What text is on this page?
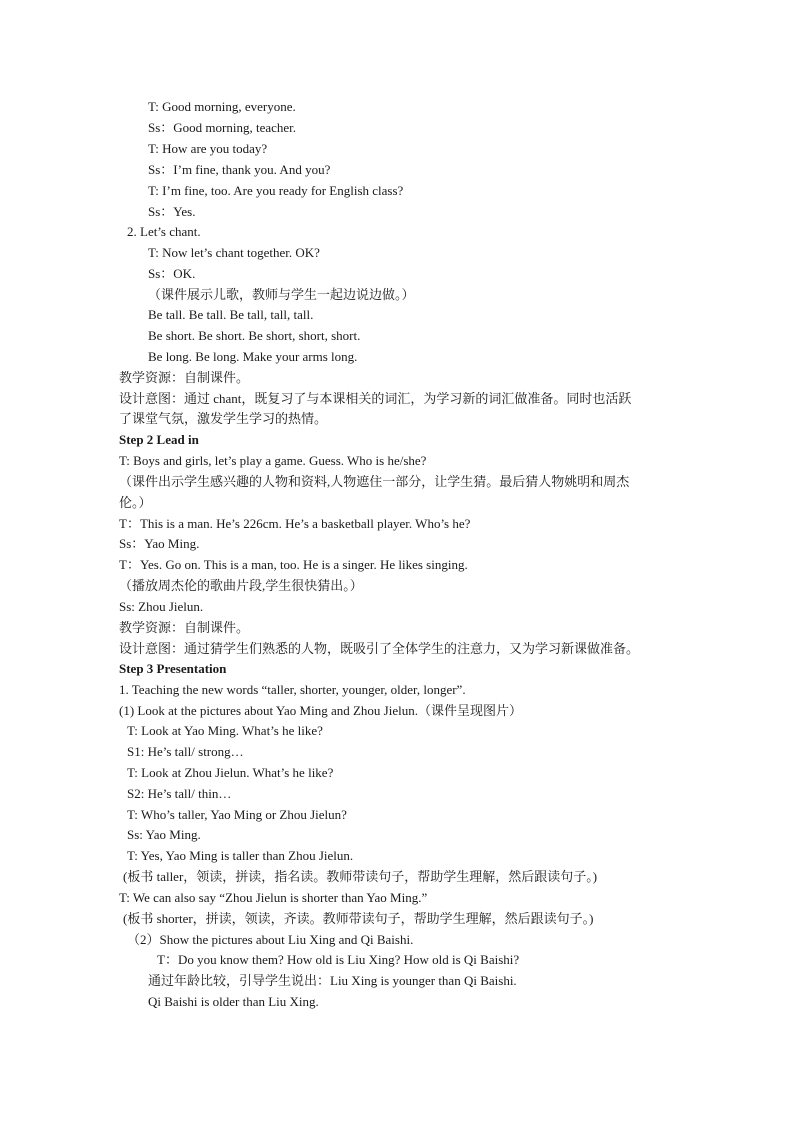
T: Good morning, everyone.
Ss：Good morning, teacher.
T: How are you today?
Ss：I’m fine, thank you. And you?
T: I’m fine, too. Are you ready for English class?
Ss：Yes.
2. Let’s chant.
T: Now let’s chant together. OK?
Ss：OK.
（课件展示儿歌，教师与学生一起边说边做。）
Be tall. Be tall. Be tall, tall, tall.
Be short. Be short. Be short, short, short.
Be long. Be long. Make your arms long.
教学资源：自制课件。
设计意图：通过 chant，既复习了与本课相关的词汇，为学习新的词汇做准备。同时也活跃
了课堂气氛，激发学生学习的热情。
Step 2 Lead in
T: Boys and girls, let’s play a game. Guess. Who is he/she?
（课件出示学生感兴趣的人物和资料,人物遮住一部分，让学生猜。最后猜人物姚明和周杰
伦。）
T：This is a man. He’s 226cm. He’s a basketball player. Who’s he?
Ss：Yao Ming.
T：Yes. Go on. This is a man, too. He is a singer. He likes singing.
（播放周杰伦的歌曲片段,学生很快猜出。）
Ss: Zhou Jielun.
教学资源：自制课件。
设计意图：通过猜学生们熟悉的人物，既吸引了全体学生的注意力，又为学习新课做准备。
Step 3 Presentation
1. Teaching the new words “taller, shorter, younger, older, longer”.
(1) Look at the pictures about Yao Ming and Zhou Jielun.（课件呈现图片）
T: Look at Yao Ming. What’s he like?
S1: He’s tall/ strong…
T: Look at Zhou Jielun. What’s he like?
S2: He’s tall/ thin…
T: Who’s taller, Yao Ming or Zhou Jielun?
Ss: Yao Ming.
T: Yes, Yao Ming is taller than Zhou Jielun.
(板书 taller，领读，拼读，指名读。教师带读句子，帮助学生理解，然后跟读句子。)
T: We can also say “Zhou Jielun is shorter than Yao Ming.”
(板书 shorter，拼读，领读，齐读。教师带读句子，帮助学生理解，然后跟读句子。)
（2）Show the pictures about Liu Xing and Qi Baishi.
T：Do you know them? How old is Liu Xing? How old is Qi Baishi?
通过年龄比较，引导学生说出：Liu Xing is younger than Qi Baishi.
Qi Baishi is older than Liu Xing.
